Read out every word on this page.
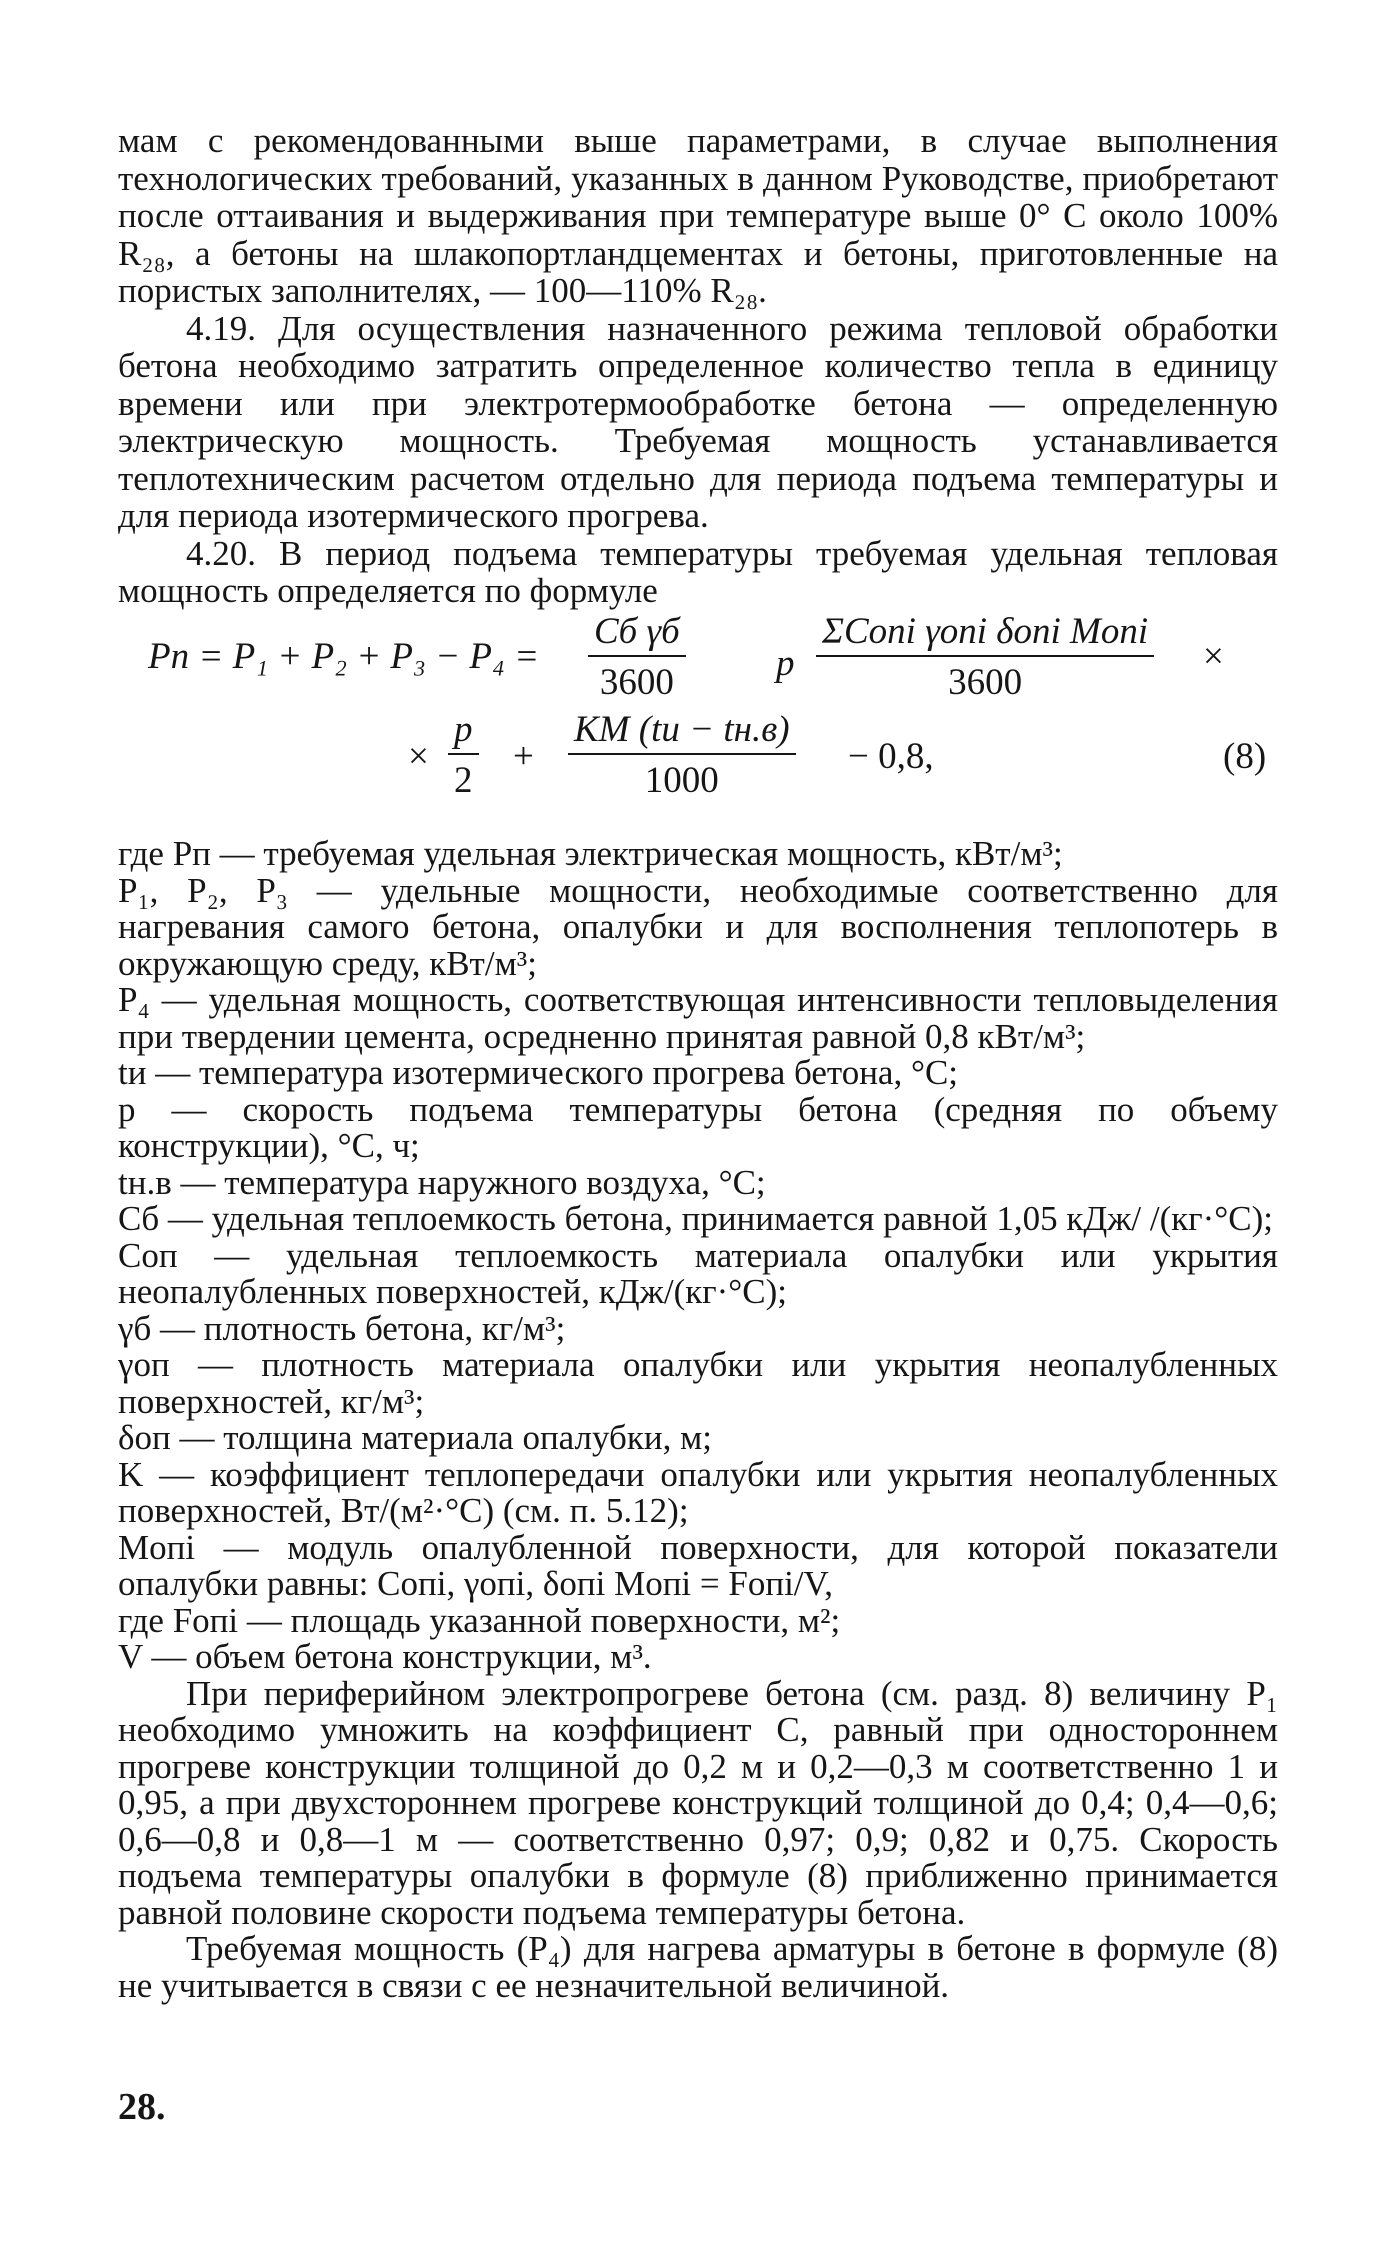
мам с рекомендованными выше параметрами, в случае выполнения технологических требований, указанных в данном Руководстве, приобретают после оттаивания и выдерживания при температуре выше 0° С около 100% R₂₈, а бетоны на шлакопортландцементах и бетоны, приготовленные на пористых заполнителях, — 100—110% R₂₈.

4.19. Для осуществления назначенного режима тепловой обработки бетона необходимо затратить определенное количество тепла в единицу времени или при электротермообработке бетона — определенную электрическую мощность. Требуемая мощность устанавливается теплотехническим расчетом отдельно для периода подъема температуры и для периода изотермического прогрева.

4.20. В период подъема температуры требуемая удельная тепловая мощность определяется по формуле

Pп = P₁ + P₂ + P₃ − P₄ =
Cб γб
3600	p
ΣCопi γопi δопi Mопi
3600
×
× $\frac{p}{2}$ +
KM (tи − tн.в)
1000
− 0,8,	(8)

где Pп — требуемая удельная электрическая мощность, кВт/м³;

P₁, P₂, P₃ — удельные мощности, необходимые соответственно для нагревания самого бетона, опалубки и для восполнения теплопотерь в окружающую среду, кВт/м³;

P₄ — удельная мощность, соответствующая интенсивности тепловыделения при твердении цемента, осредненно принятая равной 0,8 кВт/м³;

tи — температура изотермического прогрева бетона, °С;

p — скорость подъема температуры бетона (средняя по объему конструкции), °С, ч;

tн.в — температура наружного воздуха, °С;

Cб — удельная теплоемкость бетона, принимается равной 1,05 кДж/ /(кг·°С);

Cоп — удельная теплоемкость материала опалубки или укрытия неопалубленных поверхностей, кДж/(кг·°С);

γб — плотность бетона, кг/м³;

γоп — плотность материала опалубки или укрытия неопалубленных поверхностей, кг/м³;

δоп — толщина материала опалубки, м;

K — коэффициент теплопередачи опалубки или укрытия неопалубленных поверхностей, Вт/(м²·°С) (см. п. 5.12);

Mопi — модуль опалубленной поверхности, для которой показатели опалубки равны: Cопi, γопi, δопi Mопi = Fопi/V,

где Fопi — площадь указанной поверхности, м²;

V — объем бетона конструкции, м³.

При периферийном электропрогреве бетона (см. разд. 8) величину P₁ необходимо умножить на коэффициент C, равный при одностороннем прогреве конструкции толщиной до 0,2 м и 0,2—0,3 м соответственно 1 и 0,95, а при двухстороннем прогреве конструкций толщиной до 0,4; 0,4—0,6; 0,6—0,8 и 0,8—1 м — соответственно 0,97; 0,9; 0,82 и 0,75. Скорость подъема температуры опалубки в формуле (8) приближенно принимается равной половине скорости подъема температуры бетона.

Требуемая мощность (P₄) для нагрева арматуры в бетоне в формуле (8) не учитывается в связи с ее незначительной величиной.

28.
